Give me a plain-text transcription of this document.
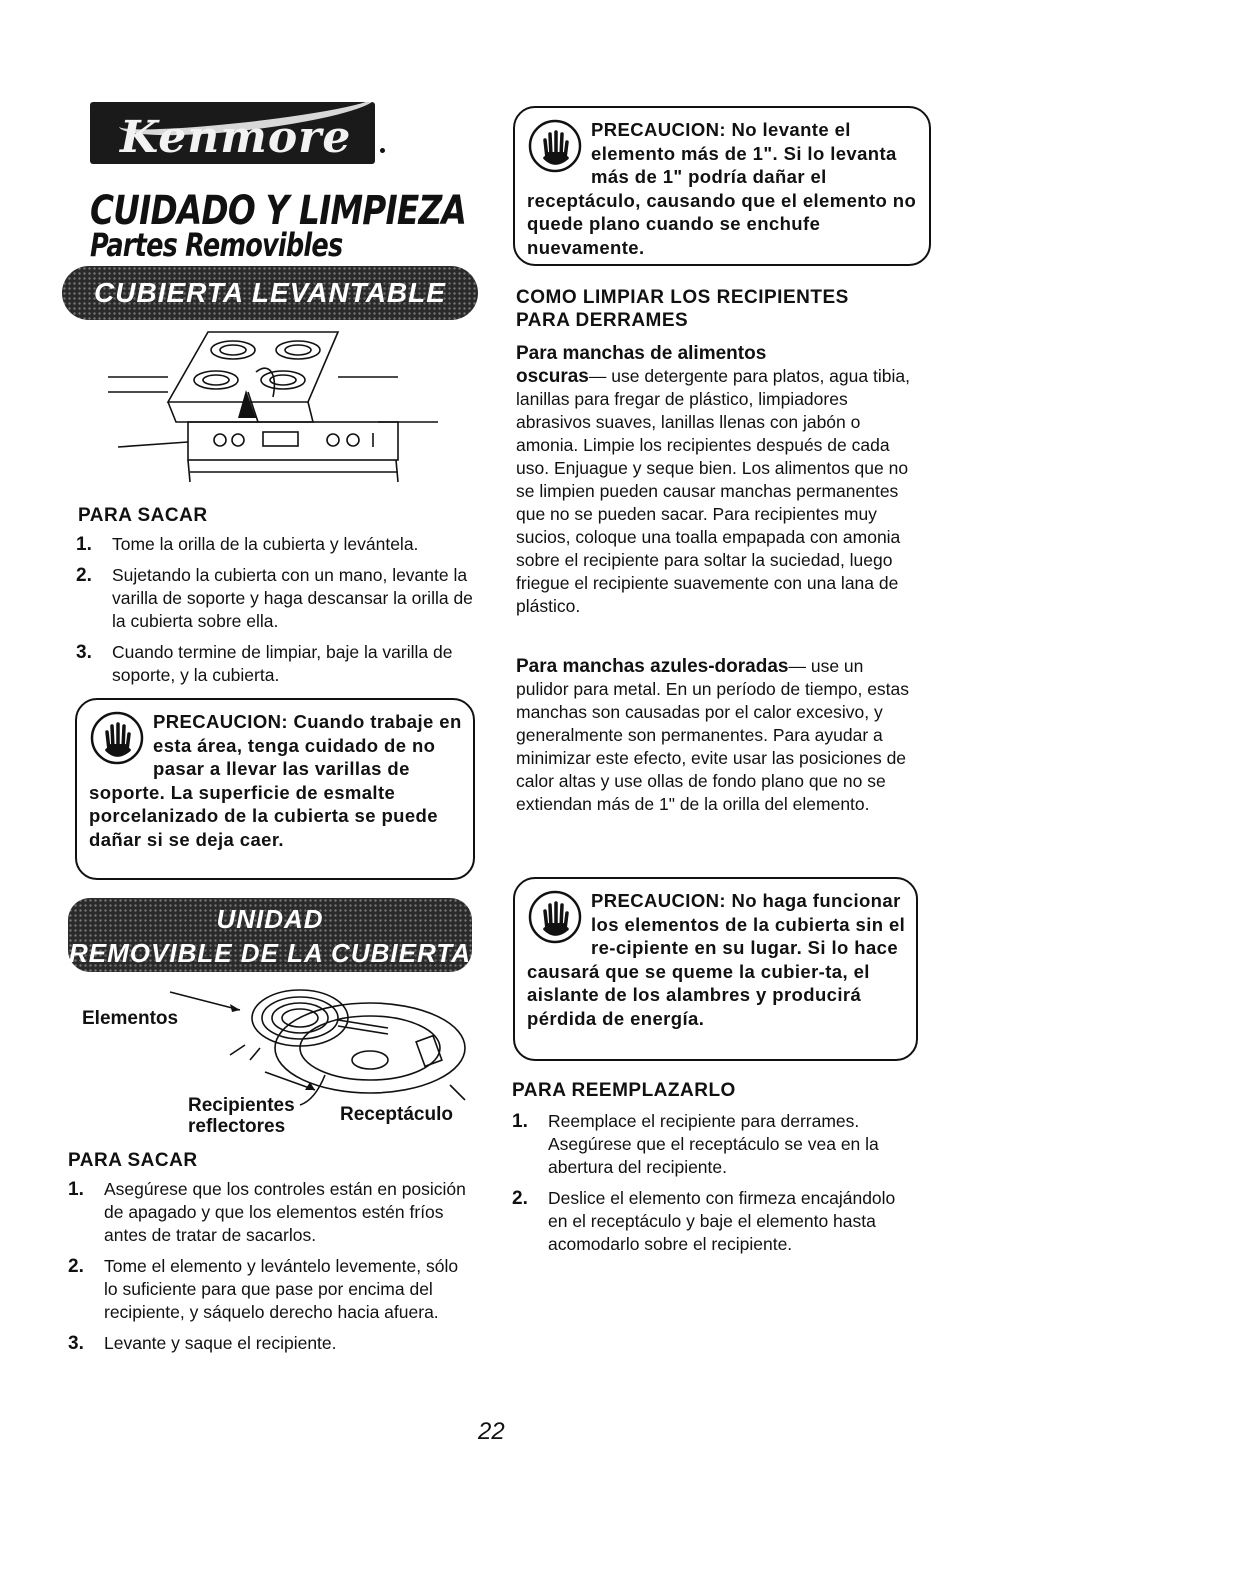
Kenmore
CUIDADO Y LIMPIEZA
Partes Removibles
CUBIERTA LEVANTABLE
PARA SACAR
1. Tome la orilla de la cubierta y levántela.
2. Sujetando la cubierta con un mano, levante la varilla de soporte y haga descansar la orilla de la cubierta sobre ella.
3. Cuando termine de limpiar, baje la varilla de soporte, y la cubierta.
PRECAUCION: Cuando trabaje en esta área, tenga cuidado de no pasar a llevar las varillas de soporte. La superficie de esmalte porcelanizado de la cubierta se puede dañar si se deja caer.
UNIDAD
REMOVIBLE DE LA CUBIERTA
Elementos
Recipientes
reflectores
Receptáculo
PARA SACAR
1. Asegúrese que los controles están en posición de apagado y que los elementos estén fríos antes de tratar de sacarlos.
2. Tome el elemento y levántelo levemente, sólo lo suficiente para que pase por encima del recipiente, y sáquelo derecho hacia afuera.
3. Levante y saque el recipiente.
PRECAUCION: No levante el elemento más de 1". Si lo levanta más de 1" podría dañar el receptáculo, causando que el elemento no quede plano cuando se enchufe nuevamente.
COMO LIMPIAR LOS RECIPIENTES
PARA DERRAMES
Para manchas de alimentos
oscuras— use detergente para platos, agua tibia, lanillas para fregar de plástico, limpiadores abrasivos suaves, lanillas llenas con jabón o amonia. Limpie los recipientes después de cada uso. Enjuague y seque bien. Los alimentos que no se limpien pueden causar manchas permanentes que no se pueden sacar. Para recipientes muy sucios, coloque una toalla empapada con amonia sobre el recipiente para soltar la suciedad, luego friegue el recipiente suavemente con una lana de plástico.
Para manchas azules-doradas— use un pulidor para metal. En un período de tiempo, estas manchas son causadas por el calor excesivo, y generalmente son permanentes. Para ayudar a minimizar este efecto, evite usar las posiciones de calor altas y use ollas de fondo plano que no se extiendan más de 1" de la orilla del elemento.
PRECAUCION: No haga funcionar los elementos de la cubierta sin el re-cipiente en su lugar. Si lo hace causará que se queme la cubier-ta, el aislante de los alambres y producirá pérdida de energía.
PARA REEMPLAZARLO
1. Reemplace el recipiente para derrames. Asegúrese que el receptáculo se vea en la abertura del recipiente.
2. Deslice el elemento con firmeza encajándolo en el receptáculo y baje el elemento hasta acomodarlo sobre el recipiente.
22
